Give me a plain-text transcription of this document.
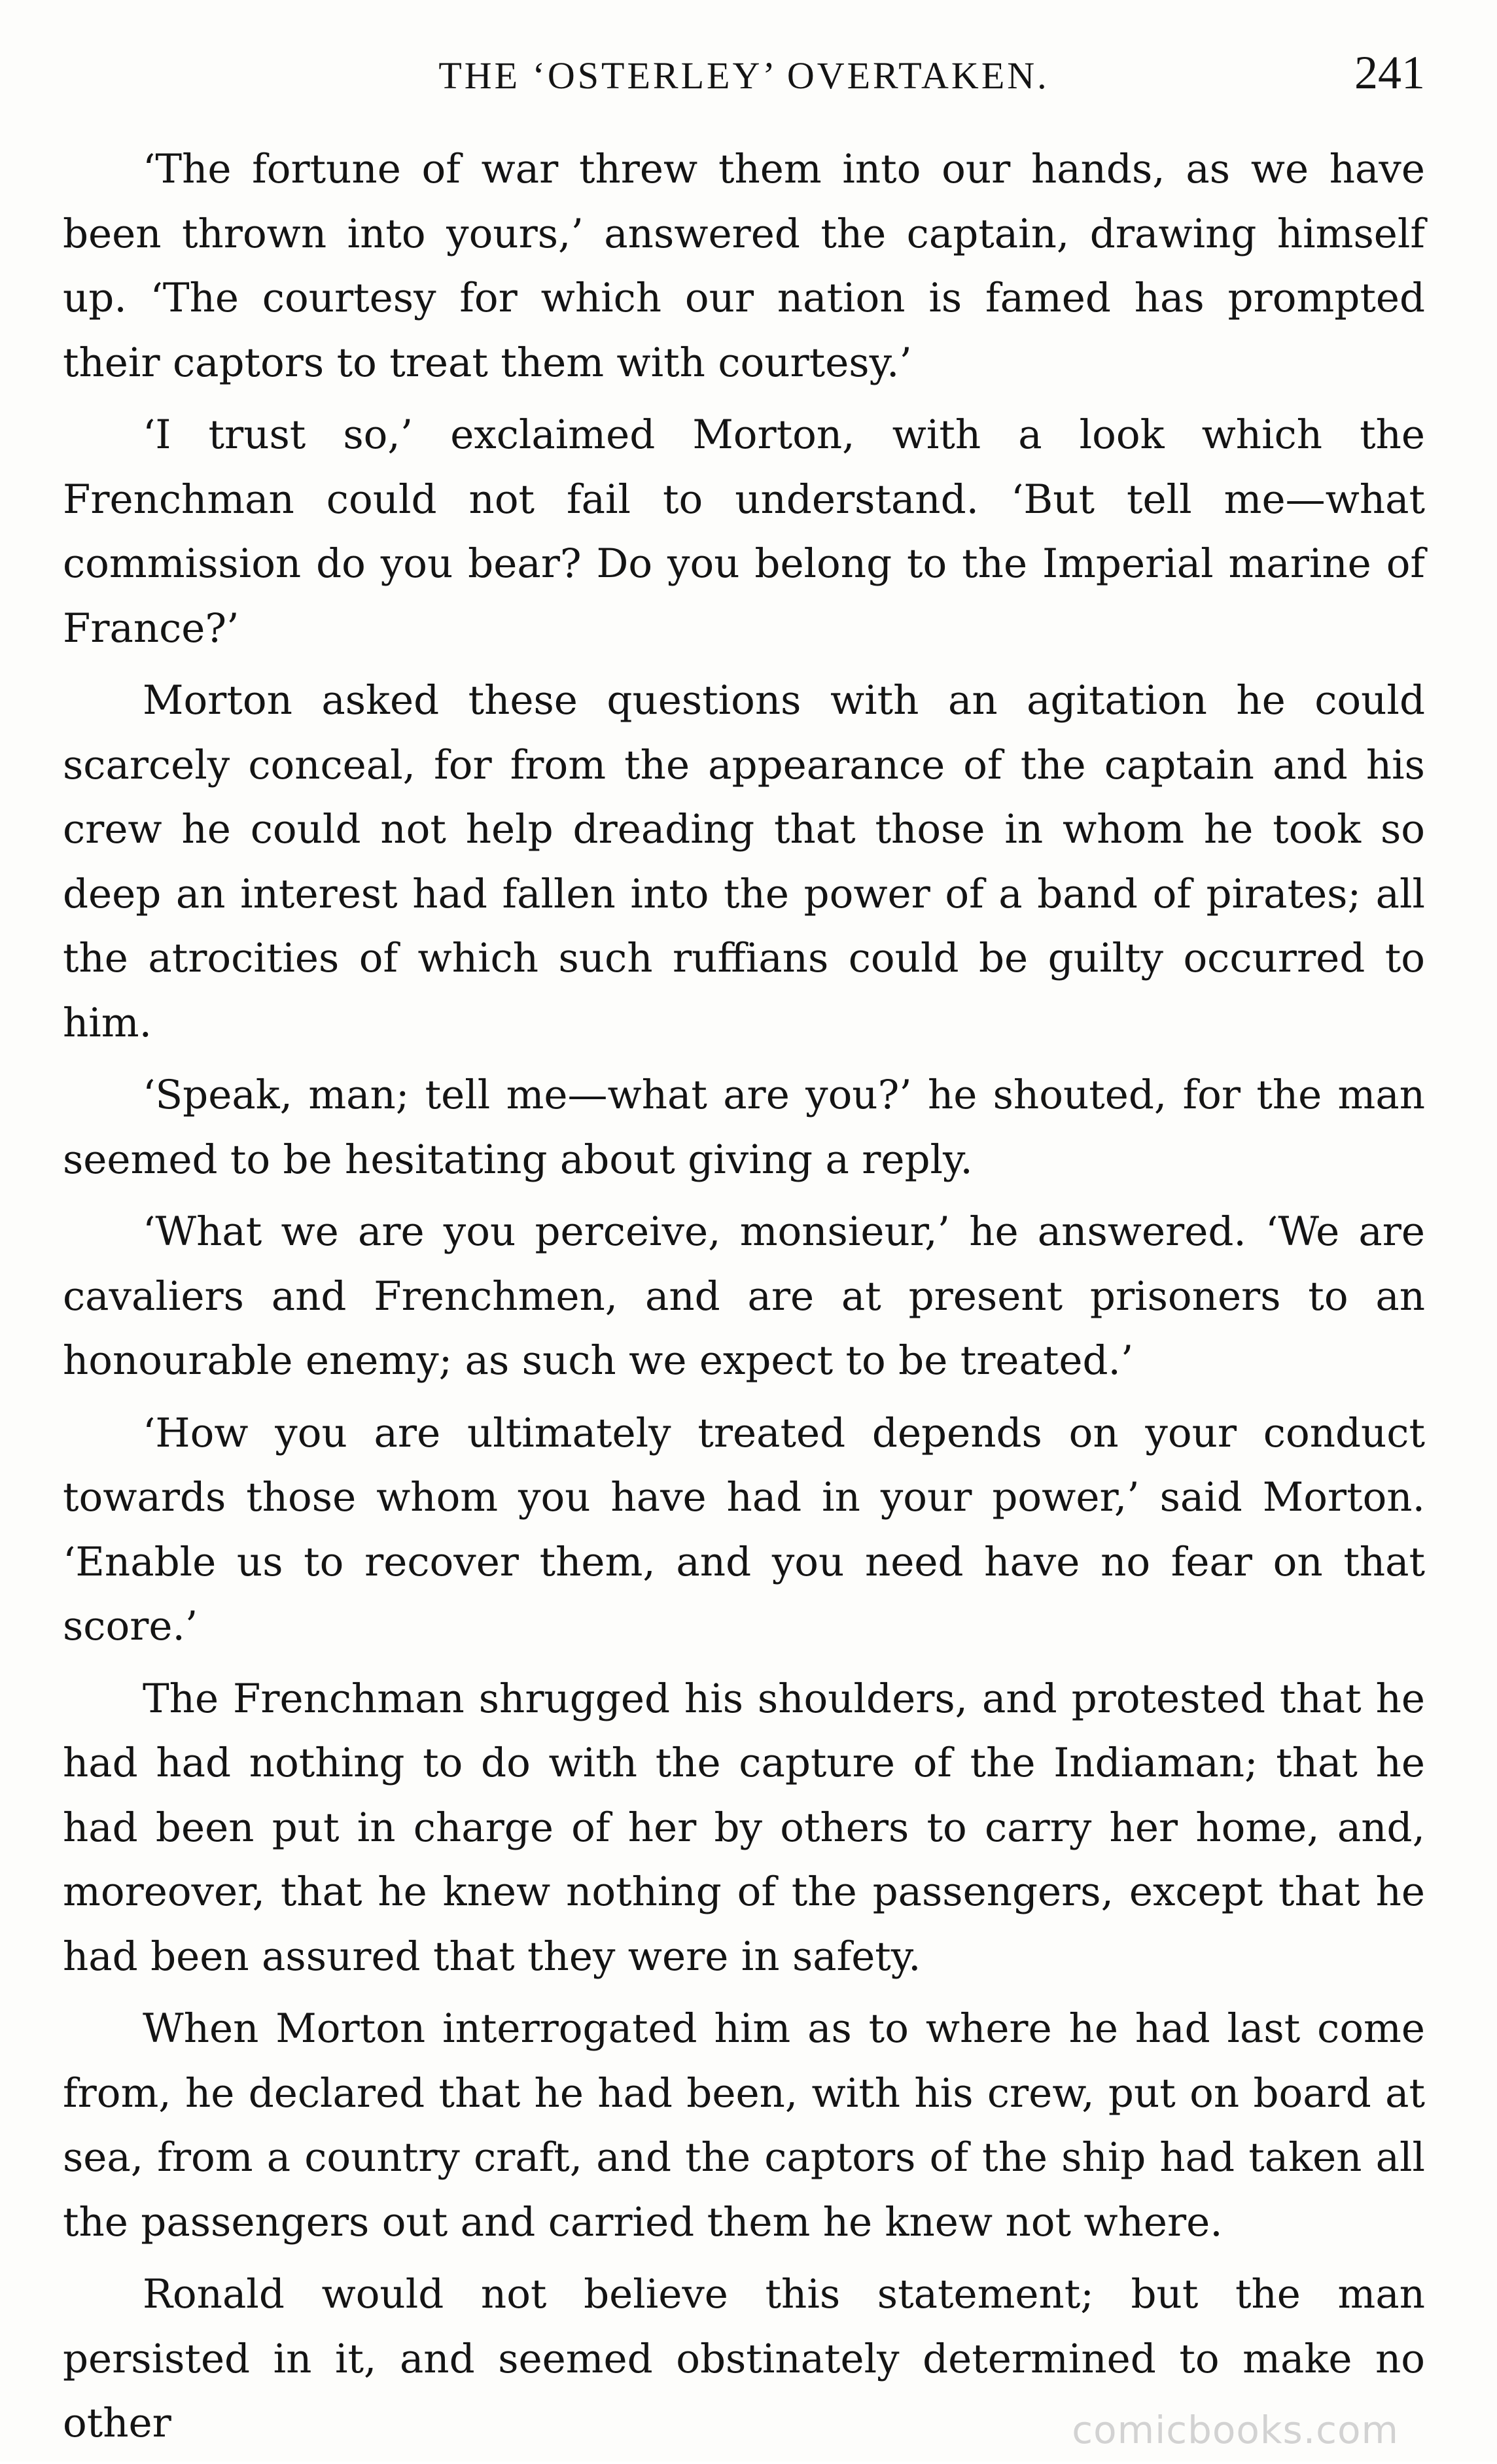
THE ‘OSTERLEY’ OVERTAKEN.	241

‘The fortune of war threw them into our hands, as we have been thrown into yours,’ answered the captain, drawing himself up. ‘The courtesy for which our nation is famed has prompted their captors to treat them with courtesy.’

‘I trust so,’ exclaimed Morton, with a look which the Frenchman could not fail to understand. ‘But tell me—what commission do you bear? Do you belong to the Imperial marine of France?’

Morton asked these questions with an agitation he could scarcely conceal, for from the appearance of the captain and his crew he could not help dreading that those in whom he took so deep an interest had fallen into the power of a band of pirates; all the atrocities of which such ruffians could be guilty occurred to him.

‘Speak, man; tell me—what are you?’ he shouted, for the man seemed to be hesitating about giving a reply.

‘What we are you perceive, monsieur,’ he answered. ‘We are cavaliers and Frenchmen, and are at present prisoners to an honourable enemy; as such we expect to be treated.’

‘How you are ultimately treated depends on your conduct towards those whom you have had in your power,’ said Morton. ‘Enable us to recover them, and you need have no fear on that score.’

The Frenchman shrugged his shoulders, and protested that he had had nothing to do with the capture of the Indiaman; that he had been put in charge of her by others to carry her home, and, moreover, that he knew nothing of the passengers, except that he had been assured that they were in safety.

When Morton interrogated him as to where he had last come from, he declared that he had been, with his crew, put on board at sea, from a country craft, and the captors of the ship had taken all the passengers out and carried them he knew not where.

Ronald would not believe this statement; but the man persisted in it, and seemed obstinately determined to make no other	comicbooks.com
